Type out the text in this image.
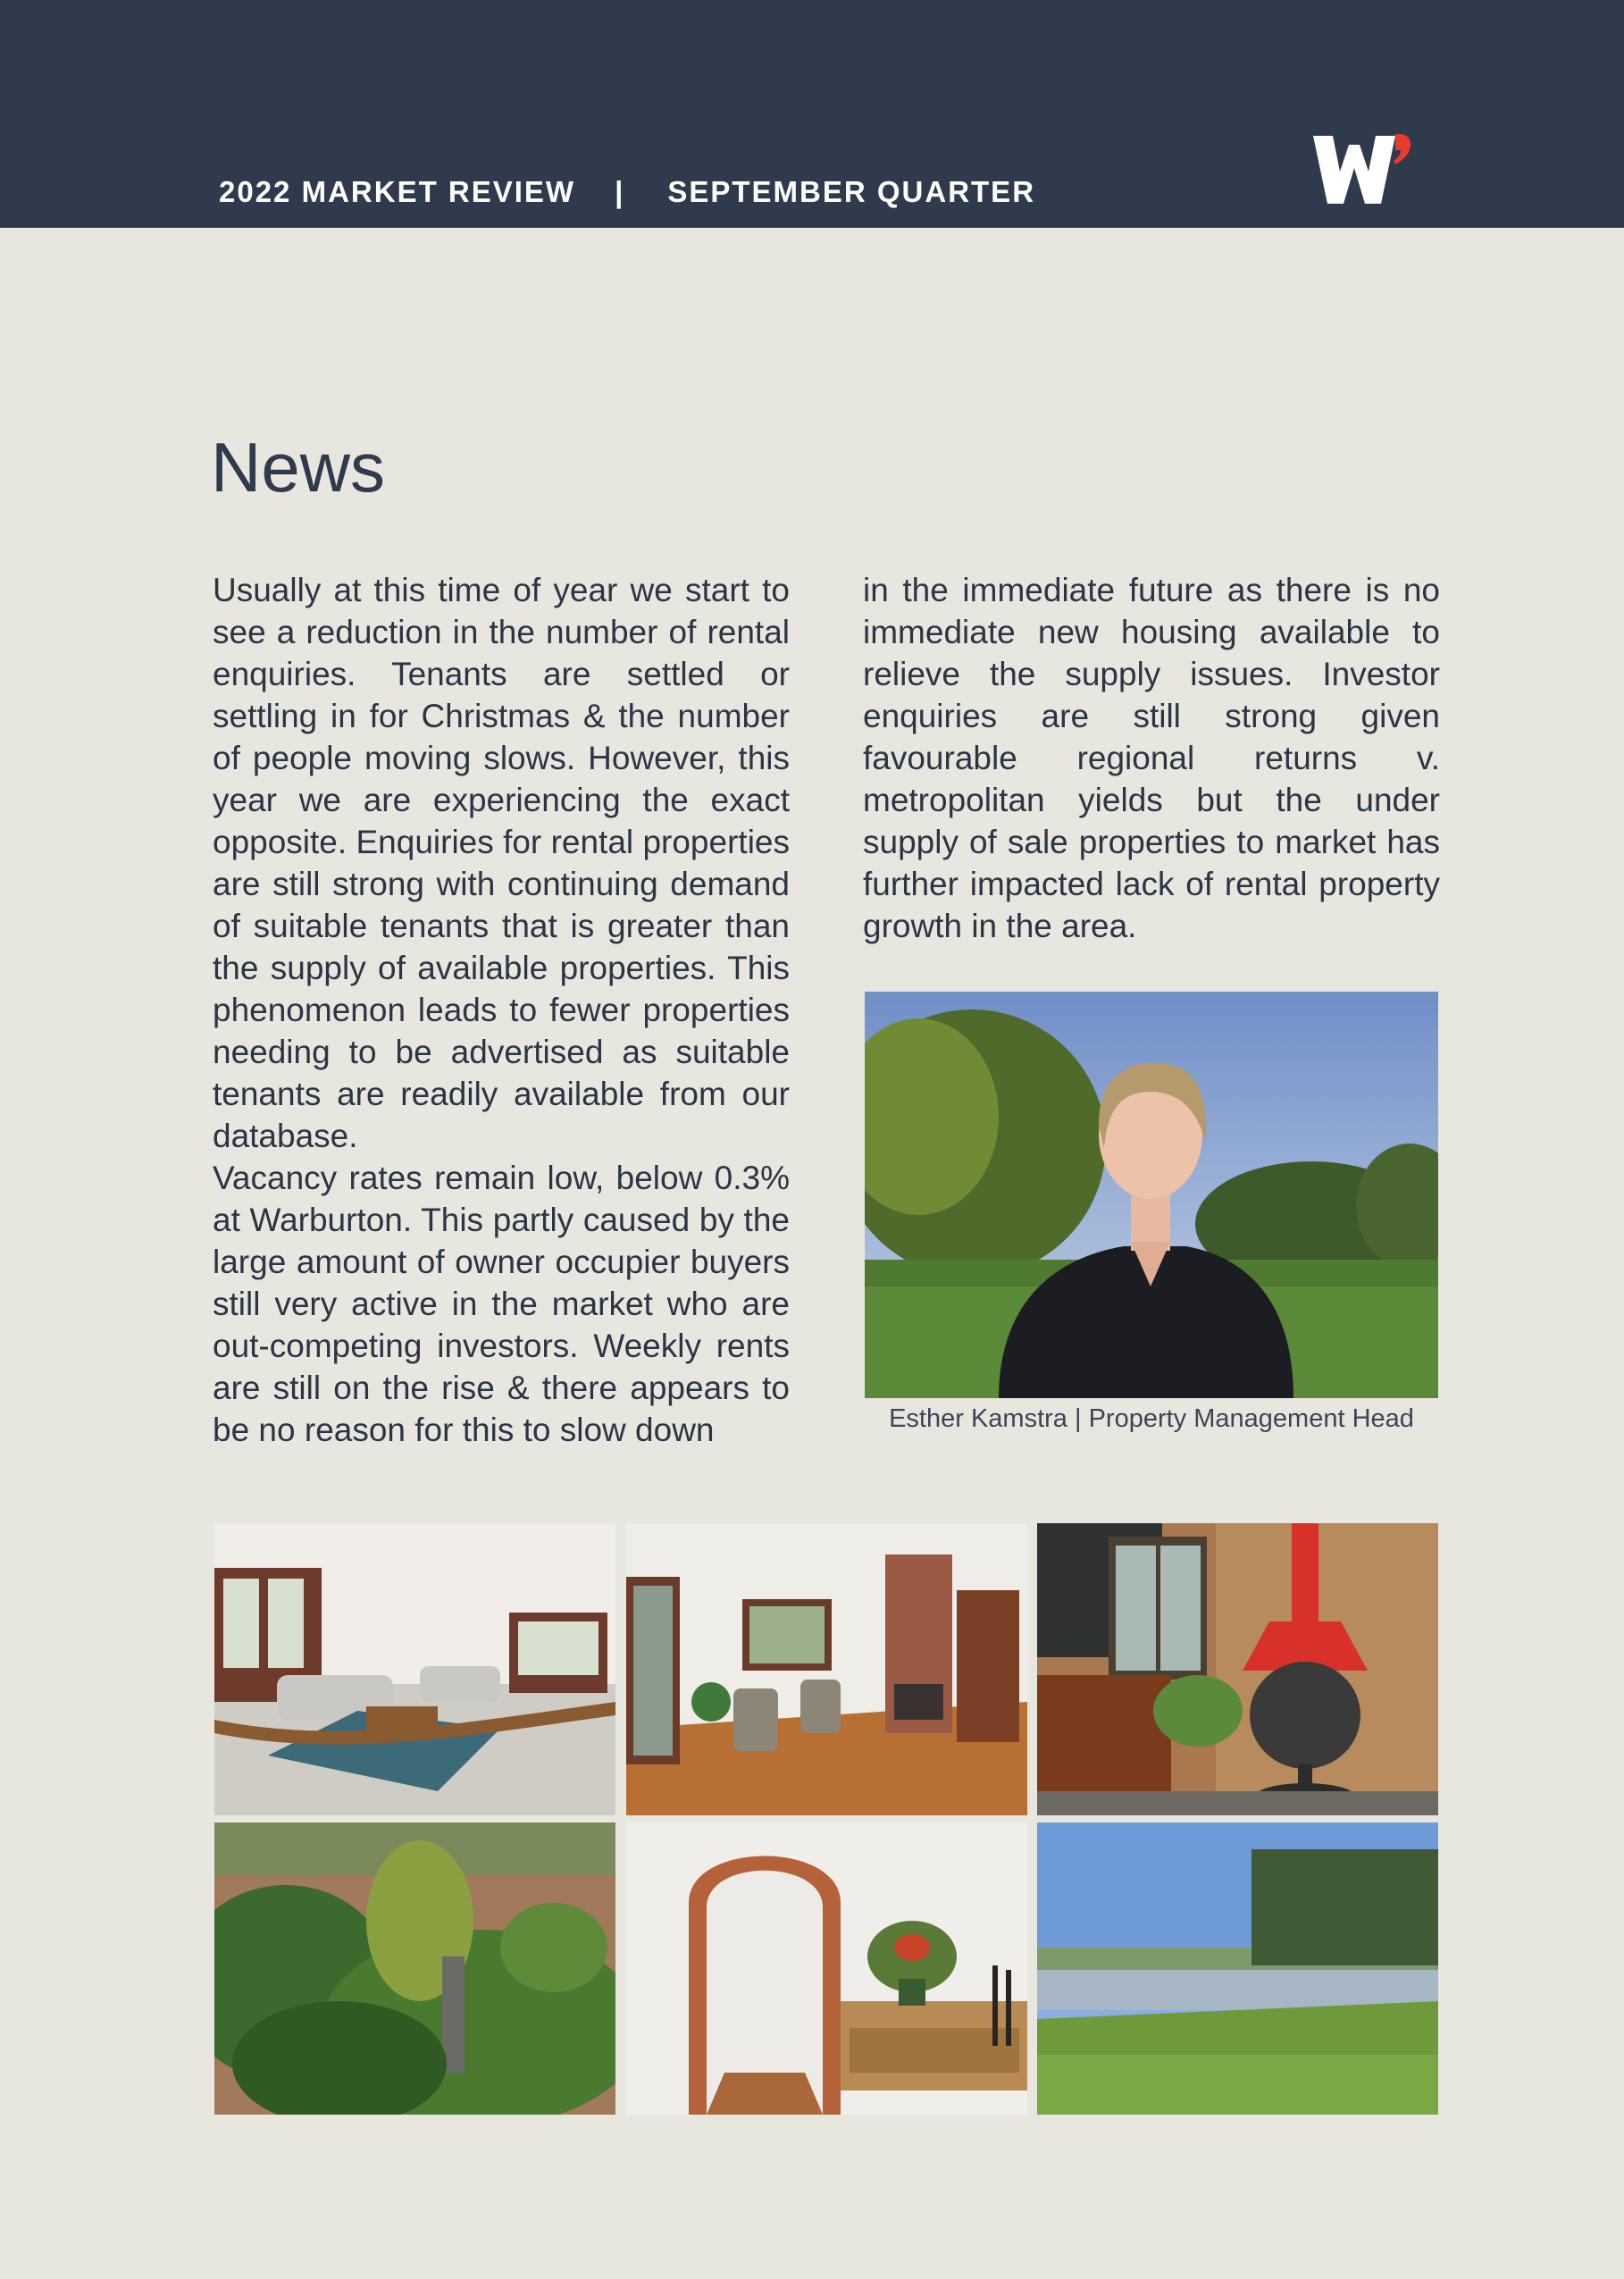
2022 MARKET REVIEW | SEPTEMBER QUARTER
News

Usually at this time of year we start to see a reduction in the number of rental enquiries. Tenants are settled or settling in for Christmas & the number of people moving slows. However, this year we are experiencing the exact opposite. Enquiries for rental properties are still strong with continuing demand of suitable tenants that is greater than the supply of available properties. This phenomenon leads to fewer properties needing to be advertised as suitable tenants are readily available from our database.

Vacancy rates remain low, below 0.3% at Warburton. This partly caused by the large amount of owner occupier buyers still very active in the market who are out-competing investors. Weekly rents are still on the rise & there appears to be no reason for this to slow down

in the immediate future as there is no immediate new housing available to relieve the supply issues. Investor enquiries are still strong given favourable regional returns v. metropolitan yields but the under supply of sale properties to market has further impacted lack of rental property growth in the area.

Esther Kamstra | Property Management Head
